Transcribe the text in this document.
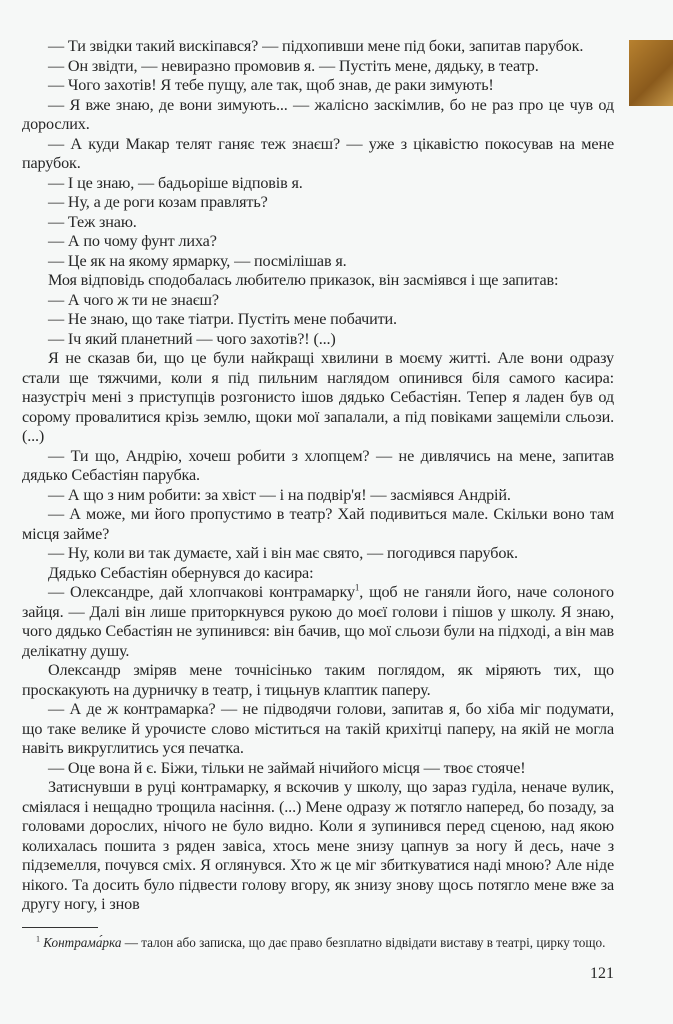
— Ти звідки такий вискіпався? — підхопивши мене під боки, запитав парубок.

— Он звідти, — невиразно промовив я. — Пустіть мене, дядьку, в театр.

— Чого захотів! Я тебе пущу, але так, щоб знав, де раки зимують!

— Я вже знаю, де вони зимують... — жалісно заскімлив, бо не раз про це чув од дорослих.

— А куди Макар телят ганяє теж знаєш? — уже з цікавістю покосував на мене парубок.

— І це знаю, — бадьоріше відповів я.

— Ну, а де роги козам правлять?

— Теж знаю.

— А по чому фунт лиха?

— Це як на якому ярмарку, — посмілішав я.

Моя відповідь сподобалась любителю приказок, він засміявся і ще запитав:

— А чого ж ти не знаєш?

— Не знаю, що таке тіатри. Пустіть мене побачити.

— Іч який планетний — чого захотів?! (...)

Я не сказав би, що це були найкращі хвилини в моєму житті. Але вони одразу стали ще тяжчими, коли я під пильним наглядом опинився біля самого касира: назустріч мені з приступців розгонисто ішов дядько Себастіян. Тепер я ладен був од сорому провалитися крізь землю, щоки мої запалали, а під повіками защеміли сльози. (...)

— Ти що, Андрію, хочеш робити з хлопцем? — не дивлячись на мене, запитав дядько Себастіян парубка.

— А що з ним робити: за хвіст — і на подвір'я! — засміявся Андрій.

— А може, ми його пропустимо в театр? Хай подивиться мале. Скільки воно там місця займе?

— Ну, коли ви так думаєте, хай і він має свято, — погодився парубок.

Дядько Себастіян обернувся до касира:

— Олександре, дай хлопчакові контрамарку$^1$, щоб не ганяли його, наче солоного зайця. — Далі він лише приторкнувся рукою до моєї голови і пішов у школу. Я знаю, чого дядько Себастіян не зупинився: він бачив, що мої сльози були на підході, а він мав делікатну душу.

Олександр зміряв мене точнісінько таким поглядом, як міряють тих, що проскакують на дурничку в театр, і тицьнув клаптик паперу.

— А де ж контрамарка? — не підводячи голови, запитав я, бо хіба міг подумати, що таке велике й урочисте слово міститься на такій крихітці паперу, на якій не могла навіть викруглитись уся печатка.

— Оце вона й є. Біжи, тільки не займай нічийого місця — твоє стояче!

Затиснувши в руці контрамарку, я вскочив у школу, що зараз гуділа, неначе вулик, сміялася і нещадно трощила насіння. (...) Мене одразу ж потягло наперед, бо позаду, за головами дорослих, нічого не було видно. Коли я зупинився перед сценою, над якою колихалась пошита з ряден завіса, хтось мене знизу цапнув за ногу й десь, наче з підземелля, почувся сміх. Я оглянувся. Хто ж це міг збиткуватися наді мною? Але ніде нікого. Та досить було підвести голову вгору, як знизу знову щось потягло мене вже за другу ногу, і знов

$^1$ Контрама́рка — талон або записка, що дає право безплатно відвідати виставу в театрі, цирку тощо.
121
